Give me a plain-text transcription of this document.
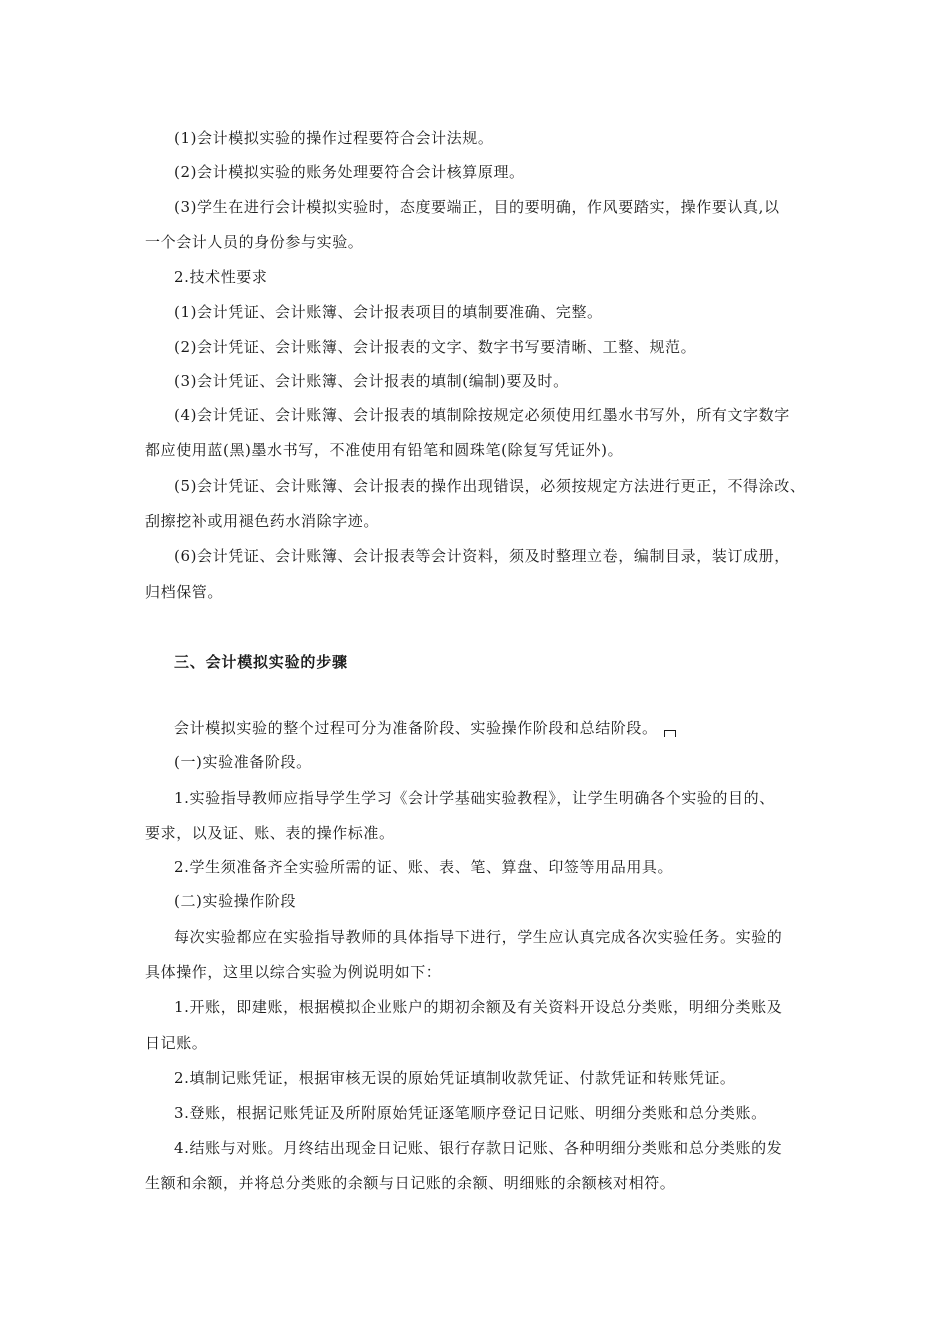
(1)会计模拟实验的操作过程要符合会计法规。
(2)会计模拟实验的账务处理要符合会计核算原理。
(3)学生在进行会计模拟实验时，态度要端正，目的要明确，作风要踏实，操作要认真,以
一个会计人员的身份参与实验。
2.技术性要求
(1)会计凭证、会计账簿、会计报表项目的填制要准确、完整。
(2)会计凭证、会计账簿、会计报表的文字、数字书写要清晰、工整、规范。
(3)会计凭证、会计账簿、会计报表的填制(编制)要及时。
(4)会计凭证、会计账簿、会计报表的填制除按规定必须使用红墨水书写外，所有文字数字
都应使用蓝(黑)墨水书写，不准使用有铅笔和圆珠笔(除复写凭证外)。
(5)会计凭证、会计账簿、会计报表的操作出现错误，必须按规定方法进行更正，不得涂改、
刮擦挖补或用褪色药水消除字迹。
(6)会计凭证、会计账簿、会计报表等会计资料，须及时整理立卷，编制目录，装订成册，
归档保管。
三、会计模拟实验的步骤
会计模拟实验的整个过程可分为准备阶段、实验操作阶段和总结阶段。
(一)实验准备阶段。
1.实验指导教师应指导学生学习《会计学基础实验教程》，让学生明确各个实验的目的、
要求，以及证、账、表的操作标准。
2.学生须准备齐全实验所需的证、账、表、笔、算盘、印签等用品用具。
(二)实验操作阶段
每次实验都应在实验指导教师的具体指导下进行，学生应认真完成各次实验任务。实验的
具体操作，这里以综合实验为例说明如下：
1.开账，即建账，根据模拟企业账户的期初余额及有关资料开设总分类账，明细分类账及
日记账。
2.填制记账凭证，根据审核无误的原始凭证填制收款凭证、付款凭证和转账凭证。
3.登账，根据记账凭证及所附原始凭证逐笔顺序登记日记账、明细分类账和总分类账。
4.结账与对账。月终结出现金日记账、银行存款日记账、各种明细分类账和总分类账的发
生额和余额，并将总分类账的余额与日记账的余额、明细账的余额核对相符。
